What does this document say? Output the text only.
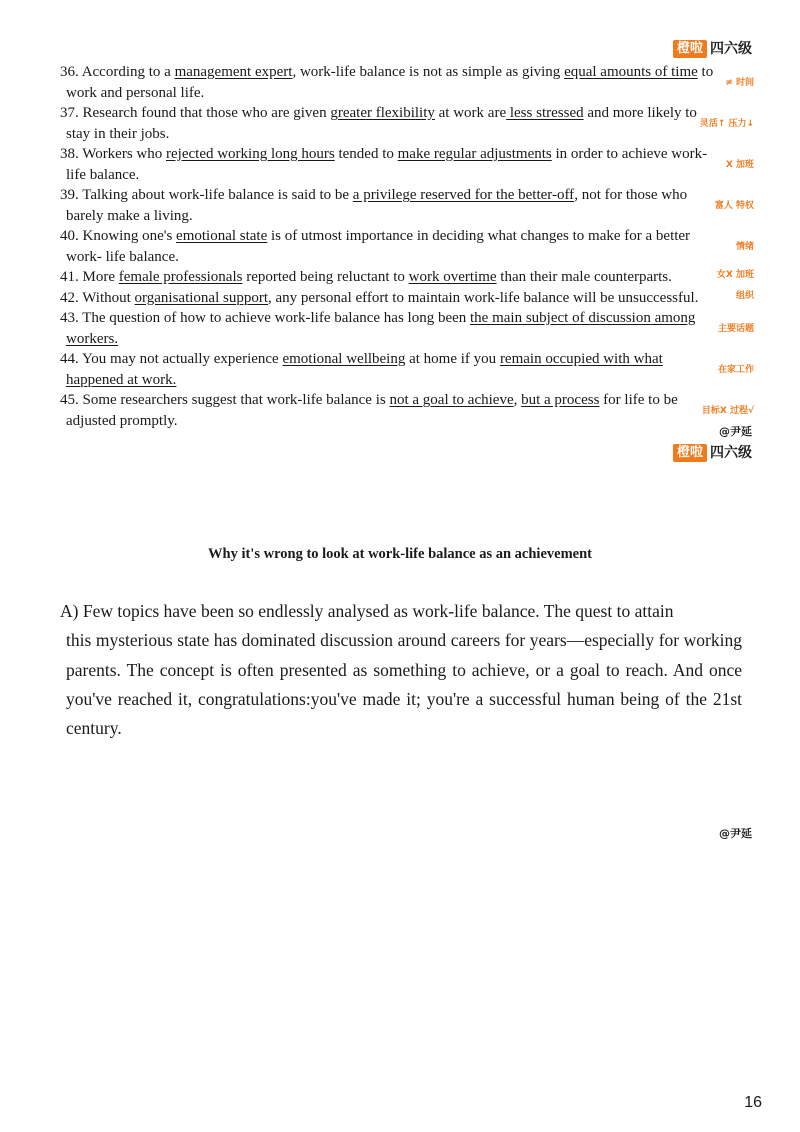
橙啦 四六级
36. According to a management expert, work-life balance is not as simple as giving equal amounts of time to
work and personal life.
≠ 时间
37. Research found that those who are given greater flexibility at work are less stressed and more likely to
stay in their jobs.
灵活↑ 压力↓
38. Workers who rejected working long hours tended to make regular adjustments in order to achieve work-
life balance.
X 加班
39. Talking about work-life balance is said to be a privilege reserved for the better-off, not for those who
barely make a living.
富人 特权
40. Knowing one's emotional state is of utmost importance in deciding what changes to make for a better
work- life balance.
情绪
41. More female professionals reported being reluctant to work overtime than their male counterparts.	女X 加班
42. Without organisational support, any personal effort to maintain work-life balance will be unsuccessful.	组织
43. The question of how to achieve work-life balance has long been the main subject of discussion among
workers.
主要话题
44. You may not actually experience emotional wellbeing at home if you remain occupied with what
happened at work.
在家工作
45. Some researchers suggest that work-life balance is not a goal to achieve, but a process for life to be
adjusted promptly.
目标X 过程√
@尹延
橙啦 四六级
Why it's wrong to look at work-life balance as an achievement
A) Few topics have been so endlessly analysed as work-life balance. The quest to attain
this mysterious state has dominated discussion around careers for years—especially for working parents. The concept is often presented as something to achieve, or a goal to reach. And once you've reached it, congratulations:you've made it; you're a successful human being of the 21st century.
@尹延
16
